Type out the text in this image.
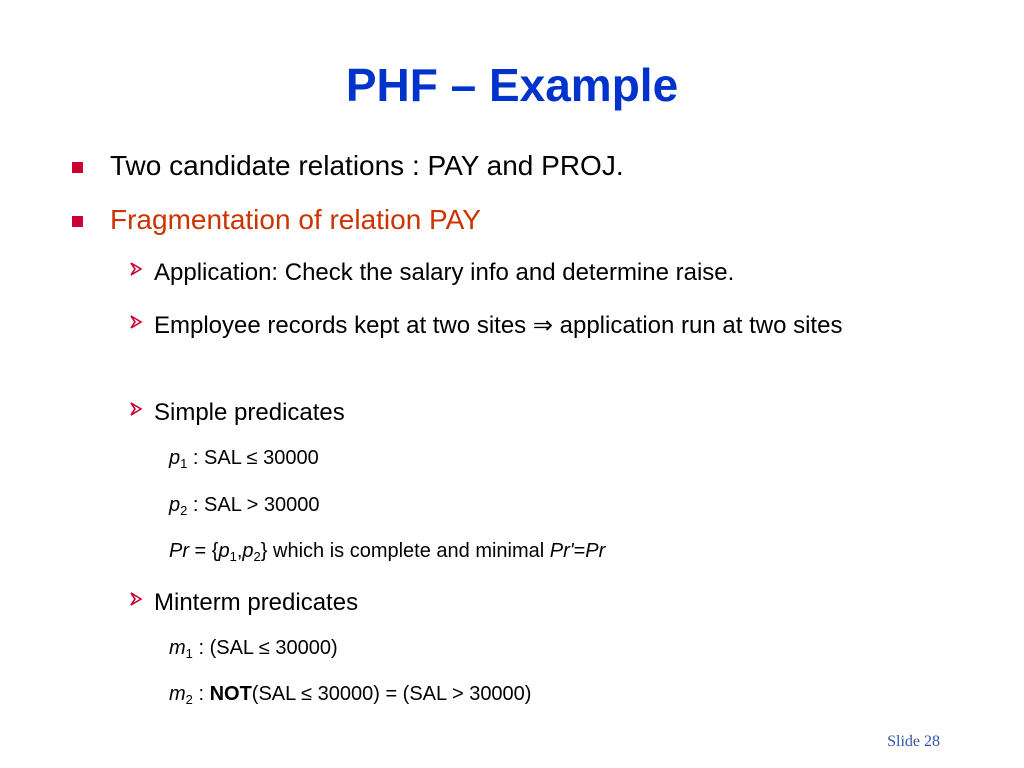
PHF – Example
Two candidate relations : PAY and PROJ.
Fragmentation of relation PAY
Application: Check the salary info and determine raise.
Employee records kept at two sites ⇒ application run at two sites
Simple predicates
$p_1$ : SAL ≤ 30000
$p_2$ : SAL > 30000
$Pr = \{p_1,p_2\}$ which is complete and minimal Pr'=Pr
Minterm predicates
$m_1$ : (SAL ≤ 30000)
$m_2$ : NOT(SAL ≤ 30000) = (SAL > 30000)
Slide 28
